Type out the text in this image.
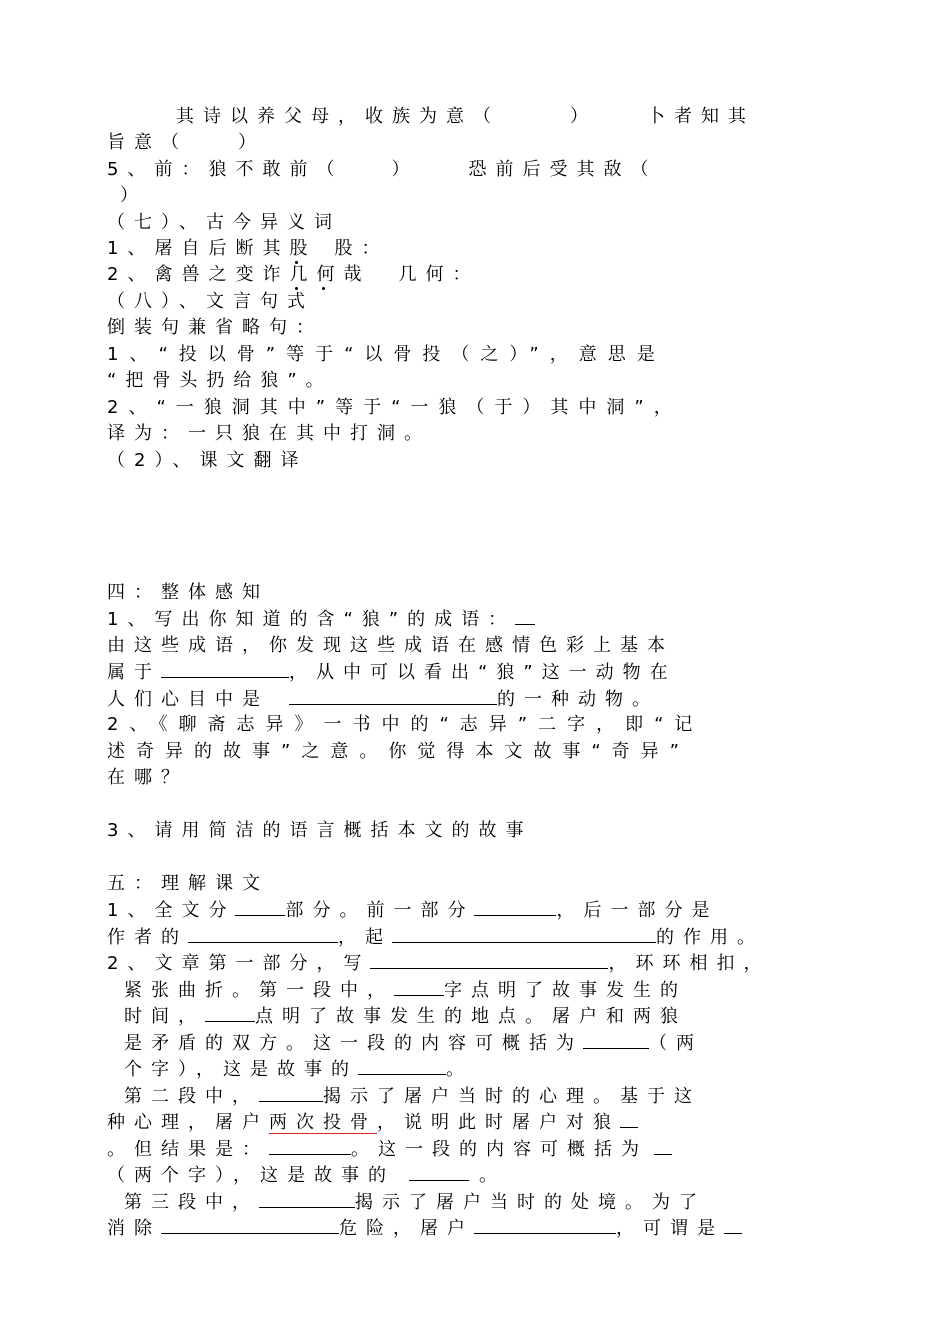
其诗以养父母，收族为意（	）	卜者知其
旨意（	）
5、前：狼不敢前（	）	恐前后受其敌（
）
（七）、古今异义词
1、屠自后断其股 股：
2、禽兽之变诈几何哉 几何：
（八）、文言句式
倒装句兼省略句：
1、“投以骨”等于“以骨投（之）”，意思是
“把骨头扔给狼”。
2、“一狼洞其中”等于“一狼（于）其中洞”，
译为：一只狼在其中打洞。
（2）、课文翻译
四：整体感知
1、写出你知道的含“狼”的成语：
由这些成语，你发现这些成语在感情色彩上基本
属于	，从中可以看出“狼”这一动物在
人们心目中是	的一种动物。
2、《聊斋志异》一书中的“志异”二字，即“记
述奇异的故事”之意。你觉得本文故事“奇异”
在哪？
3、请用简洁的语言概括本文的故事
五：理解课文
1、全文分	部分。前一部分	，后一部分是
作者的	，起	的作用。
2、文章第一部分，写	，环环相扣，
紧张曲折。第一段中，	字点明了故事发生的
时间，	点明了故事发生的地点。屠户和两狼
是矛盾的双方。这一段的内容可概括为	（两
个字），这是故事的	。
第二段中，	揭示了屠户当时的心理。基于这
种心理，屠户两次投骨，说明此时屠户对狼
。但结果是：	。这一段的内容可概括为
（两个字），这是故事的	。
第三段中，	揭示了屠户当时的处境。为了
消除	危险，屠户	，可谓是
